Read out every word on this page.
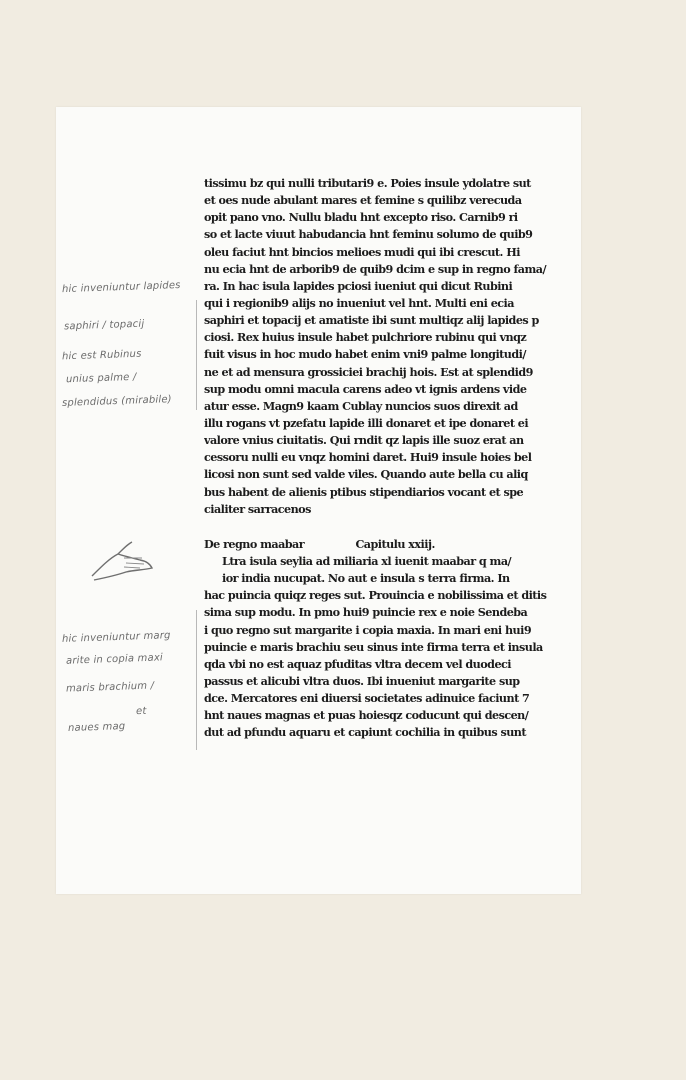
tissimu bz qui nulli tributari9 e. Poies insule ydolatre sut
et oes nude abulant mares et femine s quilibz verecuda
opit pano vno. Nullu bladu hnt excepto riso. Carnib9 ri
so et lacte viuut habudancia hnt feminu solumo de quib9
oleu faciut hnt bincios melioes mudi qui ibi crescut. Hi
nu ecia hnt de arborib9 de quib9 dcim e sup in regno fama/
ra. In hac isula lapides pciosi iueniut qui dicut Rubini
qui i regionib9 alijs no inueniut vel hnt. Multi eni ecia
saphiri et topacij et amatiste ibi sunt multiqz alij lapides p
ciosi. Rex huius insule habet pulchriore rubinu qui vnqz
fuit visus in hoc mudo habet enim vni9 palme longitudi/
ne et ad mensura grossiciei brachij hois. Est at splendid9
sup modu omni macula carens adeo vt ignis ardens vide
atur esse. Magn9 kaam Cublay nuncios suos direxit ad
illu rogans vt pzefatu lapide illi donaret et ipe donaret ei
valore vnius ciuitatis. Qui rndit qz lapis ille suoz erat an
cessoru nulli eu vnqz homini daret. Hui9 insule hoies bel
licosi non sunt sed valde viles. Quando aute bella cu aliq
bus habent de alienis ptibus stipendiarios vocant et spe
cialiter sarracenos
De regno maabar	Capitulu xxiij.
Ltra isula seylia ad miliaria xl iuenit maabar q ma/
ior india nucupat. No aut e insula s terra firma. In
hac puincia quiqz reges sut. Prouincia e nobilissima et ditis
sima sup modu. In pmo hui9 puincie rex e noie Sendeba
i quo regno sut margarite i copia maxia. In mari eni hui9
puincie e maris brachiu seu sinus inte firma terra et insula
qda vbi no est aquaz pfuditas vltra decem vel duodeci
passus et alicubi vltra duos. Ibi inueniut margarite sup
dce. Mercatores eni diuersi societates adinuice faciunt 7
hnt naues magnas et puas hoiesqz coducunt qui descen/
dut ad pfundu aquaru et capiunt cochilia in quibus sunt
hic inveniuntur lapides
saphiri / topacij
hic est Rubinus
unius palme /
splendidus (mirabile)
hic inveniuntur marg
arite in copia maxi
maris brachium /
et
naues mag
